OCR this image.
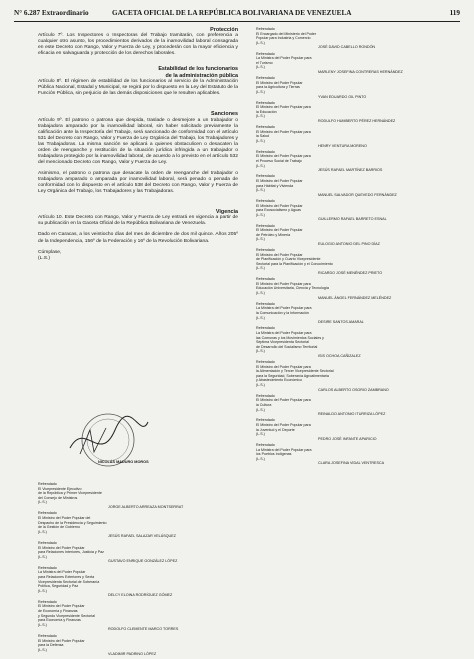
N° 6.287 Extraordinario	GACETA OFICIAL DE LA REPÚBLICA BOLIVARIANA DE VENEZUELA	119

Protección

Artículo 7º. Los Inspectores o Inspectoras del Trabajo tramitarán, con preferencia a cualquier otro asunto, los procedimientos derivados de la inamovilidad laboral consagrada en este Decreto con Rango, Valor y Fuerza de Ley, y procederán con la mayor eficiencia y eficacia en salvaguarda y protección de los derechos laborales.

Estabilidad de los funcionarios

de la administración pública

Artículo 8º. El régimen de estabilidad de los funcionarios al servicio de la Administración Pública Nacional, Estadal y Municipal, se regirá por lo dispuesto en la Ley del Estatuto de la Función Pública, sin perjuicio de las demás disposiciones que le resulten aplicables.

Sanciones

Artículo 9º. El patrono o patrona que despida, traslade o desmejore a un trabajador o trabajadora amparado por la inamovilidad laboral, sin haber solicitado previamente la calificación ante la Inspectoría del Trabajo, será sancionado de conformidad con el artículo 531 del Decreto con Rango, Valor y Fuerza de Ley Orgánica del Trabajo, los Trabajadores y las Trabajadoras. La misma sanción se aplicará a quienes obstaculicen o desacaten la orden de reenganche y restitución de la situación jurídica infringida a un trabajador o trabajadora protegido por la inamovilidad laboral, de acuerdo a lo previsto en el artículo 532 del mencionado Decreto con Rango, Valor y Fuerza de Ley.

Asimismo, el patrono o patrona que desacate la orden de reenganche del trabajador o trabajadora amparado o amparada por inamovilidad laboral, será penado o penada de conformidad con lo dispuesto en el artículo 538 del Decreto con Rango, Valor y Fuerza de Ley Orgánica del Trabajo, los Trabajadores y las Trabajadoras.

Vigencia

Artículo 10. Este Decreto con Rango, Valor y Fuerza de Ley entrará en vigencia a partir de su publicación en la Gaceta Oficial de la República Bolivariana de Venezuela.

Dado en Caracas, a los veintiocho días del mes de diciembre de dos mil quince. Años 205º de la Independencia, 156º de la Federación y 16º de la Revolución Bolivariana.

Cúmplase,

(L.S.)

NICOLÁS MADURO MOROS

Refrendado

El Vicepresidente Ejecutivo

de la República y Primer Vicepresidente

del Consejo de Ministros

(L.S.)

JORGE ALBERTO ARREAZA MONTSERRAT

Refrendado

El Ministro del Poder Popular del

Despacho de la Presidencia y Seguimiento

de la Gestión de Gobierno

(L.S.)

JESÚS RAFAEL SALAZAR VELÁSQUEZ

Refrendado

El Ministro del Poder Popular

para Relaciones Interiores, Justicia y Paz

(L.S.)

GUSTAVO ENRIQUE GONZÁLEZ LÓPEZ

Refrendado

La Ministra del Poder Popular

para Relaciones Exteriores y Sexta

Vicepresidenta Sectorial de Soberanía

Política, Seguridad y Paz

(L.S.)

DELCY ELOINA RODRÍGUEZ GÓMEZ

Refrendado

El Ministro del Poder Popular

de Economía y Finanzas

y Segundo Vicepresidente Sectorial

para Economía y Finanzas

(L.S.)

RODOLFO CLEMENTE MARCO TORRES

Refrendado

El Ministro del Poder Popular

para la Defensa

(L.S.)

VLADIMIR PADRINO LÓPEZ

Refrendado

El Encargado del Ministerio del Poder

Popular para Industria y Comercio

(L.S.)

JOSÉ DAVID CABELLO RONDÓN

Refrendado

La Ministra del Poder Popular para

el Turismo

(L.S.)

MARLENY JOSEFINA CONTRERAS HERNÁNDEZ

Refrendado

El Ministro del Poder Popular

para la Agricultura y Tierras

(L.S.)

YVAN EDUARDO GIL PINTO

Refrendado

El Ministro del Poder Popular para

la Educación

(L.S.)

RODULFO HUMBERTO PÉREZ HERNÁNDEZ

Refrendado

El Ministro del Poder Popular para

la Salud

(L.S.)

HENRY VENTURA MORENO

Refrendado

El Ministro del Poder Popular para

el Proceso Social de Trabajo

(L.S.)

JESÚS RAFAEL MARTÍNEZ BARRIOS

Refrendado

El Ministro del Poder Popular

para Hábitat y Vivienda

(L.S.)

MANUEL SALVADOR QUEVEDO FERNÁNDEZ

Refrendado

El Ministro del Poder Popular

para Ecosocialismo y Aguas

(L.S.)

GUILLERMO RAFAEL BARRETO ESNAL

Refrendado

El Ministro del Poder Popular

de Petróleo y Minería

(L.S.)

EULOGIO ANTONIO DEL PINO DÍAZ

Refrendado

El Ministro del Poder Popular

de Planificación y Cuarto Vicepresidente

Sectorial para la Planificación y el Conocimiento

(L.S.)

RICARDO JOSÉ MENÉNDEZ PRIETO

Refrendado

El Ministro del Poder Popular para

Educación Universitaria, Ciencia y Tecnología

(L.S.)

MANUEL ÁNGEL FERNÁNDEZ MELÉNDEZ

Refrendado

La Ministra del Poder Popular para

la Comunicación y la Información

(L.S.)

DESIRE SANTOS AMARAL

Refrendado

La Ministra del Poder Popular para

las Comunas y los Movimientos Sociales y

Séptima Vicepresidenta Sectorial

de Desarrollo del Socialismo Territorial

(L.S.)

ISIS OCHOA CAÑIZALEZ

Refrendado

El Ministro del Poder Popular para

la Alimentación y Tercer Vicepresidente Sectorial

para la Seguridad, Soberanía Agroalimentaria

y Abastecimiento Económico

(L.S.)

CARLOS ALBERTO OSORIO ZAMBRANO

Refrendado

El Ministro del Poder Popular para

la Cultura

(L.S.)

REINALDO ANTONIO ITURRIZA LÓPEZ

Refrendado

El Ministro del Poder Popular para

la Juventud y el Deporte

(L.S.)

PEDRO JOSÉ INFANTE APARICIO

Refrendado

La Ministra del Poder Popular para

los Pueblos Indígenas

(L.S.)

CLARA JOSEFINA VIDAL VENTRESCA
